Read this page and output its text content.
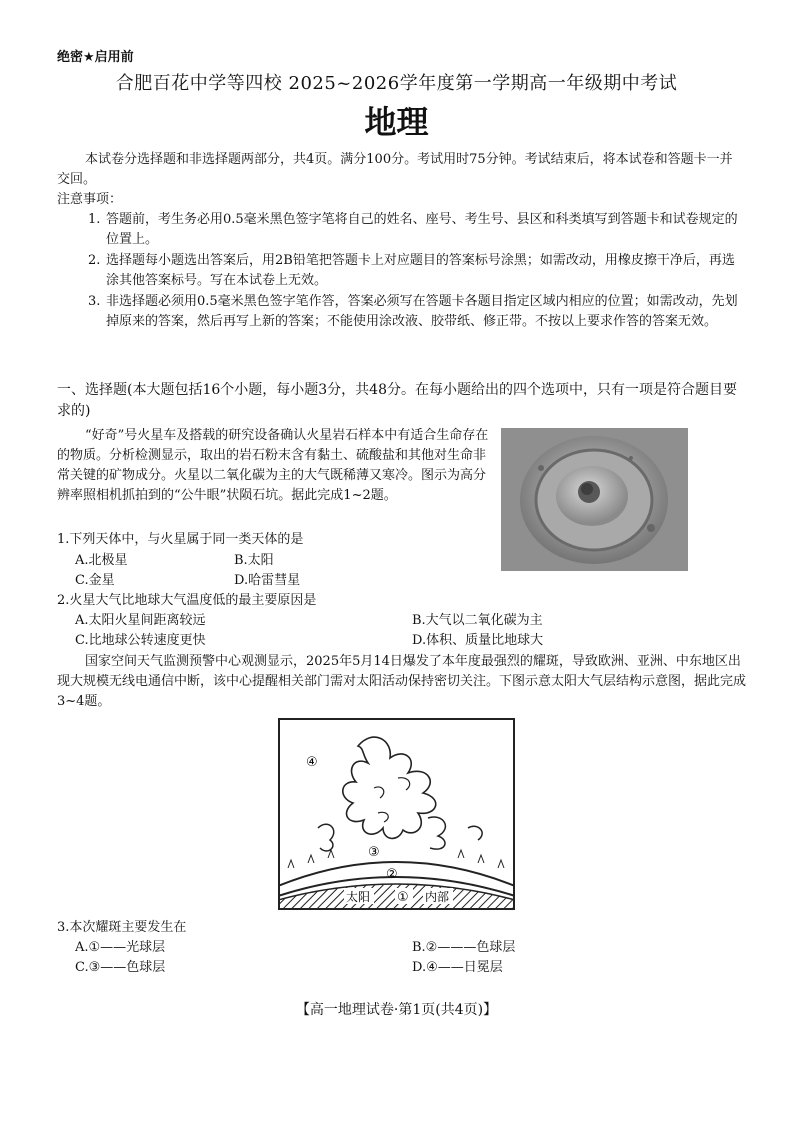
绝密★启用前
合肥百花中学等四校 2025~2026学年度第一学期高一年级期中考试
地理
本试卷分选择题和非选择题两部分，共4页。满分100分。考试用时75分钟。考试结束后，将本试卷和答题卡一并交回。
注意事项：
1. 答题前，考生务必用0.5毫米黑色签字笔将自己的姓名、座号、考生号、县区和科类填写到答题卡和试卷规定的位置上。
2. 选择题每小题选出答案后，用2B铅笔把答题卡上对应题目的答案标号涂黑；如需改动，用橡皮擦干净后，再选涂其他答案标号。写在本试卷上无效。
3. 非选择题必须用0.5毫米黑色签字笔作答，答案必须写在答题卡各题目指定区域内相应的位置；如需改动，先划掉原来的答案，然后再写上新的答案；不能使用涂改液、胶带纸、修正带。不按以上要求作答的答案无效。
一、选择题(本大题包括16个小题，每小题3分，共48分。在每小题给出的四个选项中，只有一项是符合题目要求的)
“好奇”号火星车及搭载的研究设备确认火星岩石样本中有适合生命存在的物质。分析检测显示，取出的岩石粉末含有黏土、硫酸盐和其他对生命非常关键的矿物成分。火星以二氧化碳为主的大气既稀薄又寒冷。图示为高分辨率照相机抓拍到的“公牛眼”状陨石坑。据此完成1~2题。
1.下列天体中，与火星属于同一类天体的是
A.北极星	B.太阳
C.金星	D.哈雷彗星
2.火星大气比地球大气温度低的最主要原因是
A.太阳火星间距离较远	B.大气以二氧化碳为主
C.比地球公转速度更快	D.体积、质量比地球大
国家空间天气监测预警中心观测显示，2025年5月14日爆发了本年度最强烈的耀斑，导致欧洲、亚洲、中东地区出现大规模无线电通信中断，该中心提醒相关部门需对太阳活动保持密切关注。下图示意太阳大气层结构示意图，据此完成3~4题。
④
③
②
太阳 ① 内部
3.本次耀斑主要发生在
A.①——光球层	B.②———色球层
C.③——色球层	D.④——日冕层
【高一地理试卷·第1页(共4页)】
